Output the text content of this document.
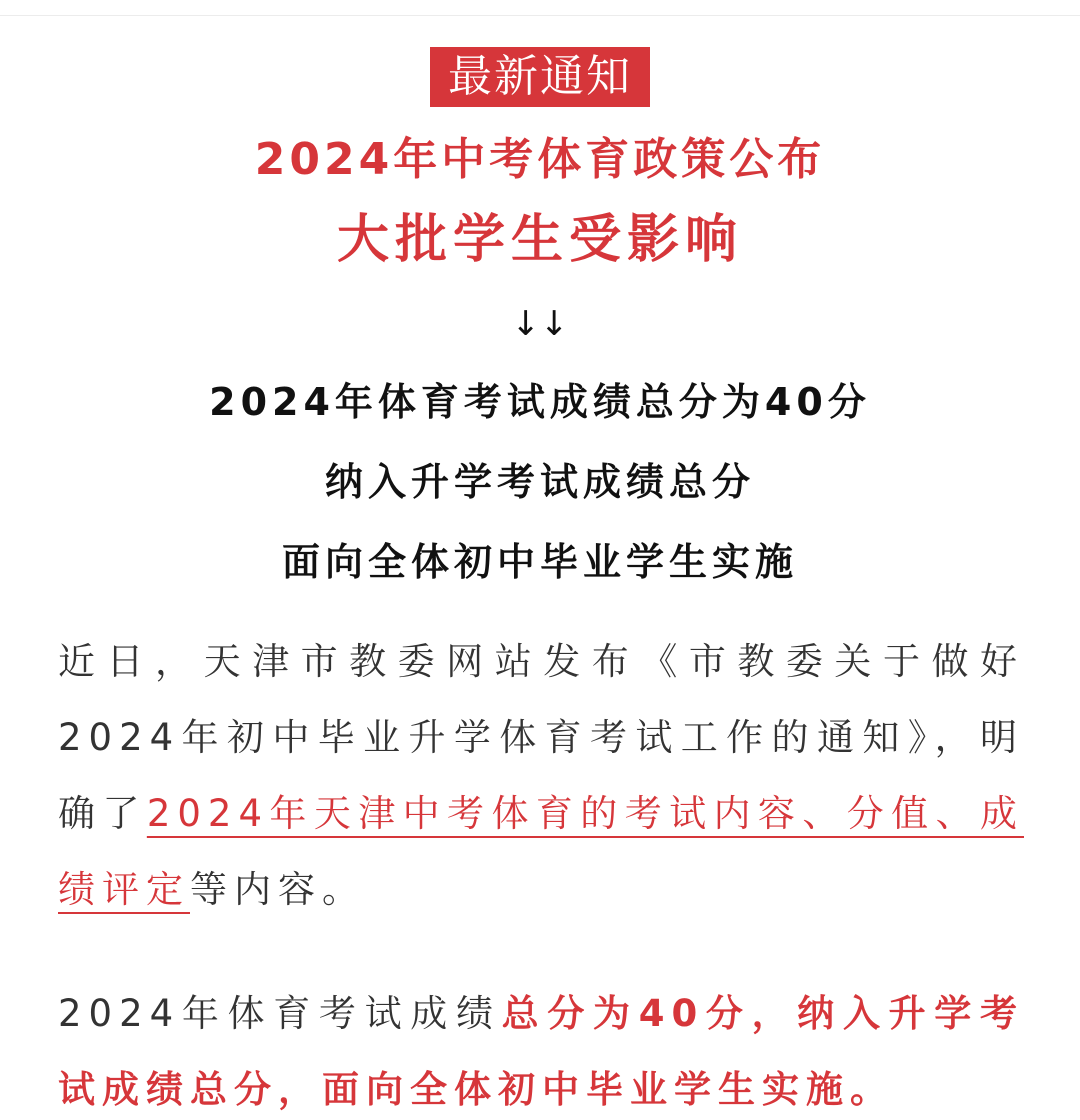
最新通知
2024年中考体育政策公布
大批学生受影响
↓↓
2024年体育考试成绩总分为40分
纳入升学考试成绩总分
面向全体初中毕业学生实施

近日，天津市教委网站发布《市教委关于做好2024年初中毕业升学体育考试工作的通知》，明确了2024年天津中考体育的考试内容、分值、成绩评定等内容。

2024年体育考试成绩总分为40分，纳入升学考试成绩总分，面向全体初中毕业学生实施。
